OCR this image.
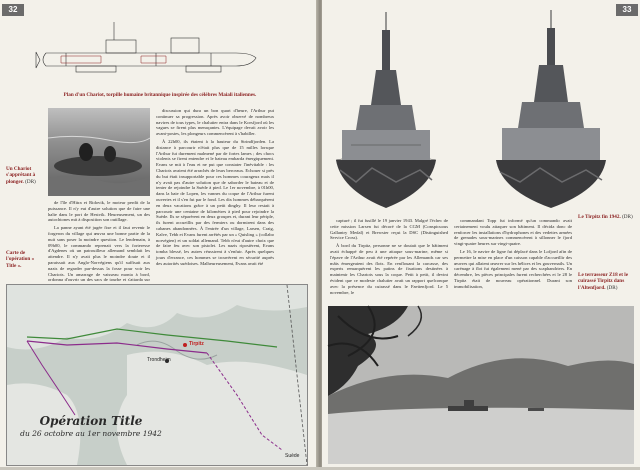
32
Plan d'un Chariot, torpille humaine britannique inspirée des célèbres Maiali italiennes.
Un Chariot s'apprêtant à plonger. (DR)
Carte de l'opération « Title ».

de l'île d'Hitra et Ridovik, le moteur perdit de la puissance. Il n'y eut d'autre solution que de faire une halte dans le port de Hestvik. Heureusement, un des autochtones mit à disposition son outillage.

La panne ayant été jugée fixe et il faut revenir le forgeron du village qui œuvra une bonne partie de la nuit sans poser la moindre question. Le lendemain, à 09h00, le commando reprenait vers la forteresse d'Agdenes où un patrouilleur allemand semblait les attendre. Il n'y avait plus le moindre doute et il paraissait aux Anglo-Norvégiens qu'il suffisait aux nazis de regarder par-dessus la fosse pour voir les Chariots. Un amarrage de vaisseau monta à bord, ordonna d'ouvrir un des sacs de tourbe et s'attarda sur

discussion qui dura un bon quart d'heure, l'Arthur put continuer sa progression. Après avoir observé de nombreux navires de tous types, le chalutier entra dans le Korsfjord où les vagues se firent plus menaçantes. L'équipage devait avoir les avant-postes, les plongeurs commencèrent à s'habiller.

À 22h00, ils étaient à la hauteur du Strindfjorden. La distance à parcourir n'était plus que de 15 milles lorsque l'Arthur fut durement malmené par de fortes lames ; des chocs violents se firent entendre et le bateau embarda énergiquement. Evans se mit à l'eau et ne put que constater l'inévitable : les Chariots avaient été arrachés de leurs berceaux. Echouer si près du but était insupportable pour ces hommes courageux mais il n'y avait pas d'autre solution que de saborder le bateau et de tenter de rejoindre la Suède à pied. Le 1er novembre, à 01h00, dans la baie de Lopen, les vannes du coque de l'Arthur furent ouvertes et il s'en fut par le fond. Les dix hommes débarquèrent en deux vacations grâce à un petit dinghy. Il leur restait à parcourir une centaine de kilomètres à pied pour rejoindre la Suède. Ils se séparèrent en deux groupes et, durant leur périple, ils furent accueillis par des fermiers ou dormirent dans des cabanes abandonnées. À l'entrée d'un village, Larsen, Craig, Kalve, Tebb et Evans furent arrêtés par un « Quisling » (collabo norvégien) et un soldat allemand. Tebb n'eut d'autre choix que de faire feu avec son pistolet. Les nazis ripostèrent, Evans tomba blessé, les autres réussirent à s'enfuir. Après quelques jours d'errance, ces hommes se trouvèrent en sécurité auprès des autorités suédoises. Malheureusement, Evans avait été

Tirpitz
Trondheim
Suède
Opération Title
du 26 octobre au 1er novembre 1942
33
Le Tirpitz fin 1942. (DR)

capturé ; il fut fusillé le 19 janvier 1943. Malgré l'échec de cette mission Larsen fut décoré de la CGM (Conspicuous Gallantry Medal) et Brewster reçut la DSC (Distinguished Service Cross).

À bord du Tirpitz, personne ne se doutait que le bâtiment avait échappé de peu à une attaque sous-marine, même si l'épave de l'Arthur avait été repérée par les Allemands car ses mâts émergeaient des flots. En renflouant la carcasse, des experts remarquèrent les patins de fixations destinées à maintenir les Chariots sous la coque. Petit à petit, il devint évident que ce modeste chalutier avait un rapport quelconque avec la présence du cuirassé dans le Faettenfjord. Le 5 novembre, le

commandant Topp fut informé qu'un commando avait certainement voulu attaquer son bâtiment. Il décida donc de renforcer les installations d'hydrophones et des vedettes armées de grenades sous-marines commencèrent à sillonner le fjord vingt-quatre heures sur vingt-quatre.

Le 16, le navire de ligne fut déplacé dans le Lofjord afin de permettre la mise en place d'un caisson capable d'accueillir des œuvres qui allaient œuvrer sur les hélices et les gouvernails. Un carénage à flot fut également mené par des scaphandriers. En décembre, les pièces principales furent recherchées et le 28 le Tirpitz était de nouveau opérationnel. Durant son immobilisation,

Le terrasseur Z18 et le cuirassé Tirpitz dans l'Altenfjord. (DR)
